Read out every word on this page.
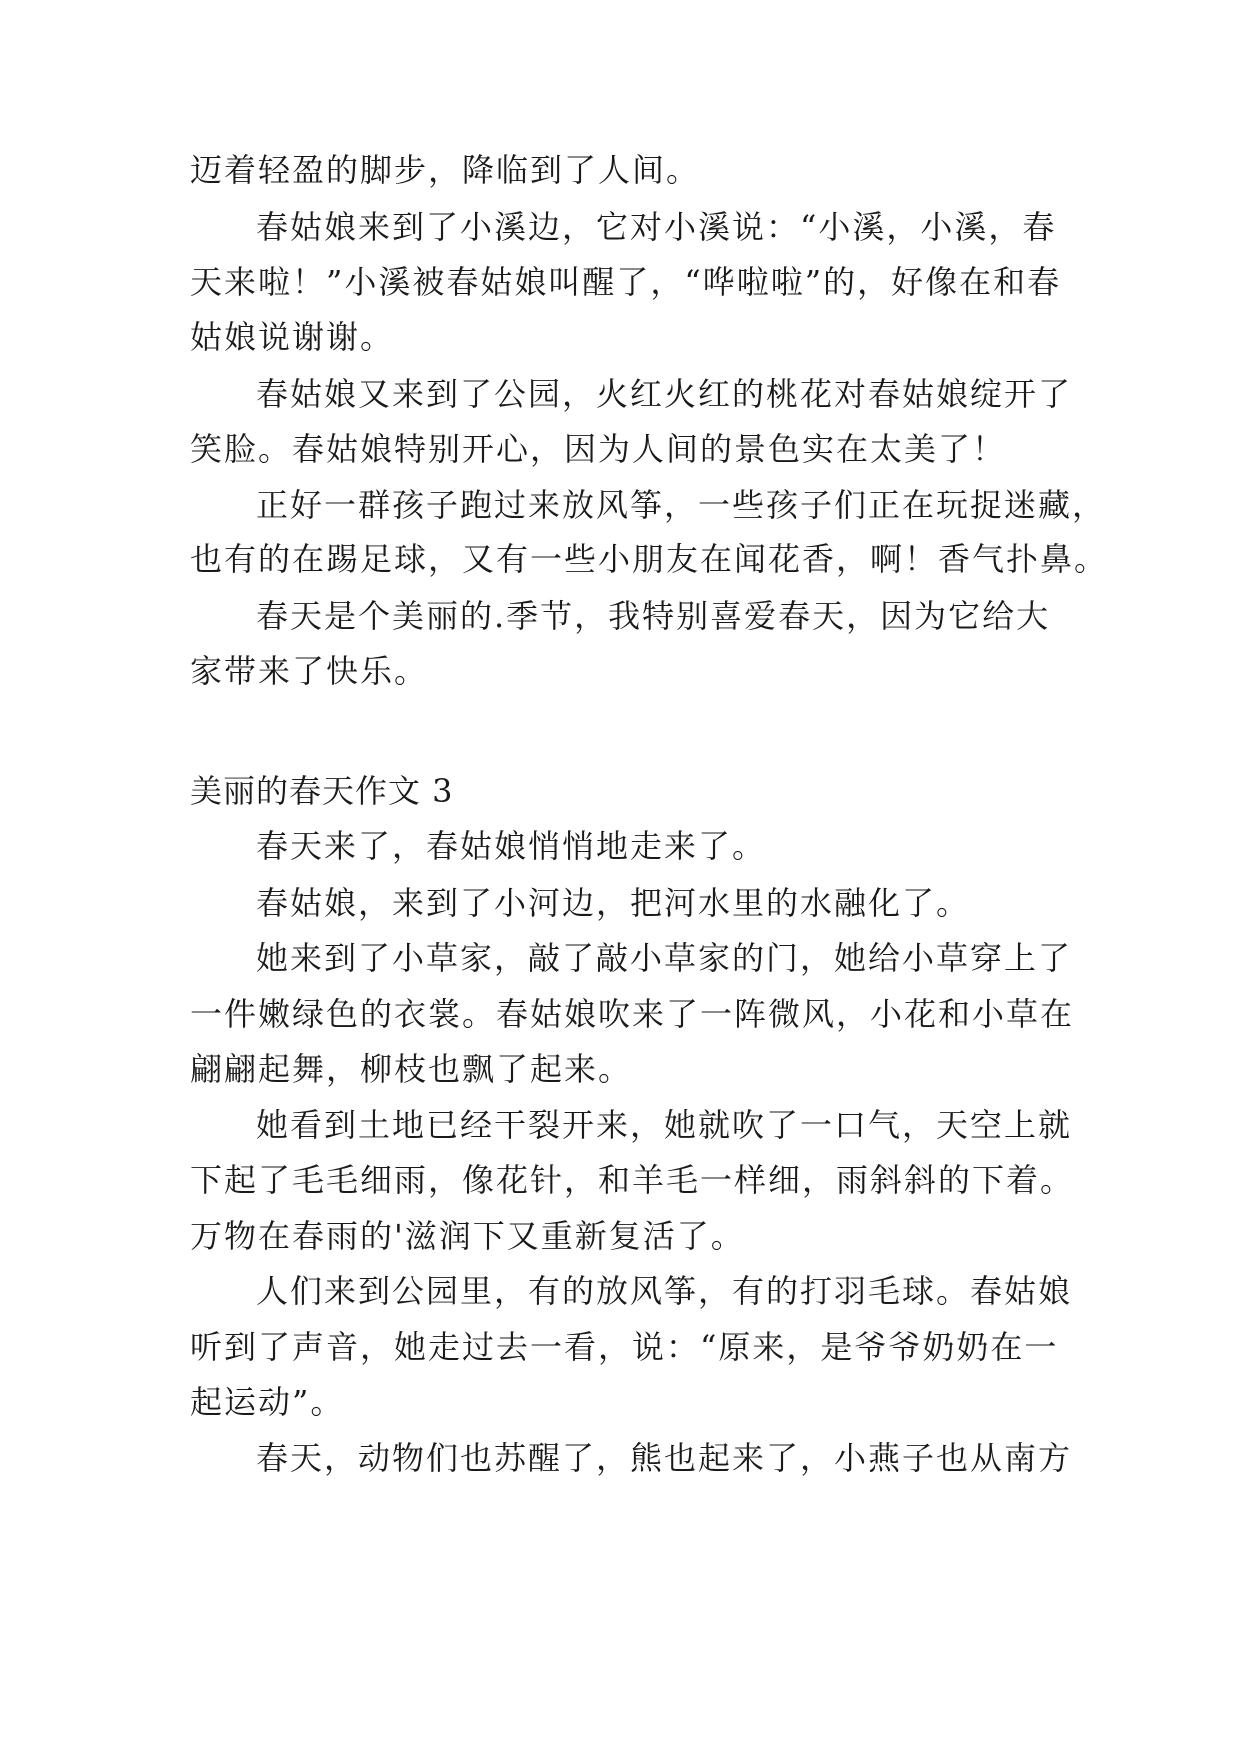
迈着轻盈的脚步，降临到了人间。
春姑娘来到了小溪边，它对小溪说：“小溪，小溪，春
天来啦！”小溪被春姑娘叫醒了，“哗啦啦”的，好像在和春
姑娘说谢谢。
春姑娘又来到了公园，火红火红的桃花对春姑娘绽开了
笑脸。春姑娘特别开心，因为人间的景色实在太美了！
正好一群孩子跑过来放风筝，一些孩子们正在玩捉迷藏，
也有的在踢足球，又有一些小朋友在闻花香，啊！香气扑鼻。
春天是个美丽的.季节，我特别喜爱春天，因为它给大
家带来了快乐。
美丽的春天作文 3
春天来了，春姑娘悄悄地走来了。
春姑娘，来到了小河边，把河水里的水融化了。
她来到了小草家，敲了敲小草家的门，她给小草穿上了
一件嫩绿色的衣裳。春姑娘吹来了一阵微风，小花和小草在
翩翩起舞，柳枝也飘了起来。
她看到土地已经干裂开来，她就吹了一口气，天空上就
下起了毛毛细雨，像花针，和羊毛一样细，雨斜斜的下着。
万物在春雨的'滋润下又重新复活了。
人们来到公园里，有的放风筝，有的打羽毛球。春姑娘
听到了声音，她走过去一看，说：“原来，是爷爷奶奶在一
起运动”。
春天，动物们也苏醒了，熊也起来了，小燕子也从南方
